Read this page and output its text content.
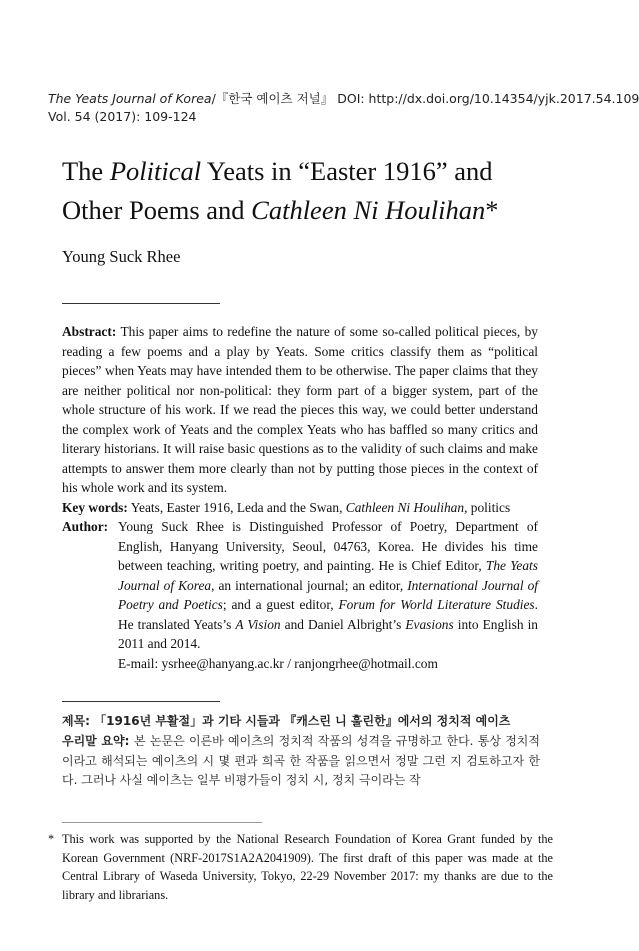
The Yeats Journal of Korea/『한국 예이츠 저널』 DOI: http://dx.doi.org/10.14354/yjk.2017.54.109
Vol. 54 (2017): 109-124
The Political Yeats in “Easter 1916” and
Other Poems and Cathleen Ni Houlihan*
Young Suck Rhee

Abstract: This paper aims to redefine the nature of some so-called political pieces, by reading a few poems and a play by Yeats. Some critics classify them as “political pieces” when Yeats may have intended them to be otherwise. The paper claims that they are neither political nor non-political: they form part of a bigger system, part of the whole structure of his work. If we read the pieces this way, we could better understand the complex work of Yeats and the complex Yeats who has baffled so many critics and literary historians. It will raise basic questions as to the validity of such claims and make attempts to answer them more clearly than not by putting those pieces in the context of his whole work and its system.

Key words: Yeats, Easter 1916, Leda and the Swan, Cathleen Ni Houlihan, politics

Author: Young Suck Rhee is Distinguished Professor of Poetry, Department of English, Hanyang University, Seoul, 04763, Korea. He divides his time between teaching, writing poetry, and painting. He is Chief Editor, The Yeats Journal of Korea, an international journal; an editor, International Journal of Poetry and Poetics; and a guest editor, Forum for World Literature Studies. He translated Yeats’s A Vision and Daniel Albright’s Evasions into English in 2011 and 2014.
E-mail: ysrhee@hanyang.ac.kr / ranjongrhee@hotmail.com

제목: 「1916년 부활절」과 기타 시들과 『캐스린 니 훌린한』에서의 정치적 예이츠

우리말 요약: 본 논문은 이른바 예이츠의 정치적 작품의 성격을 규명하고 한다. 통상 정치적이라고 해석되는 예이츠의 시 몇 편과 희곡 한 작품을 읽으면서 정말 그런 지 검토하고자 한다. 그러나 사실 예이츠는 일부 비평가들이 정치 시, 정치 극이라는 작

* This work was supported by the National Research Foundation of Korea Grant funded by the Korean Government (NRF-2017S1A2A2041909). The first draft of this paper was made at the Central Library of Waseda University, Tokyo, 22-29 November 2017: my thanks are due to the library and librarians.
